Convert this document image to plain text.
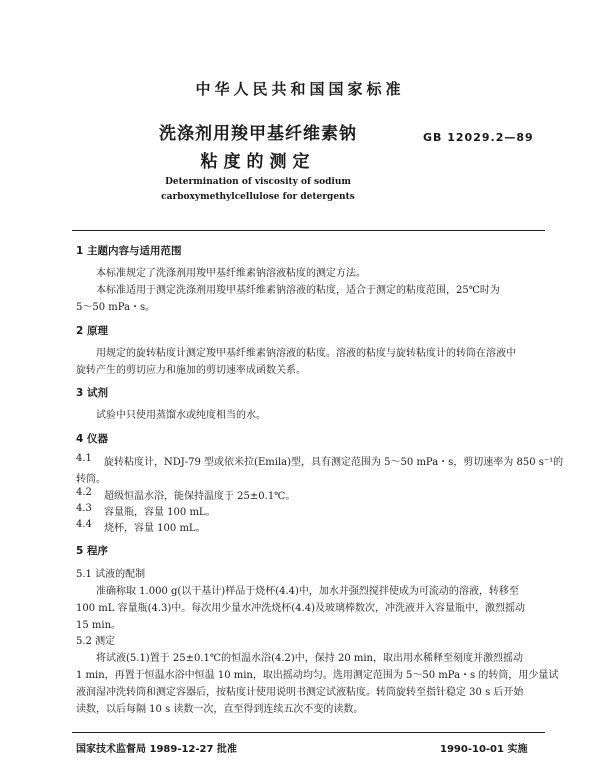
中华人民共和国国家标准
洗涤剂用羧甲基纤维素钠
粘度的测定
GB 12029.2—89
Determination of viscosity of sodium
carboxymethylcellulose for detergents
1 主题内容与适用范围
本标准规定了洗涤剂用羧甲基纤维素钠溶液粘度的测定方法。
本标准适用于测定洗涤剂用羧甲基纤维素钠溶液的粘度，适合于测定的粘度范围，25℃时为
5～50 mPa・s。
2 原理
用规定的旋转粘度计测定羧甲基纤维素钠溶液的粘度。溶液的粘度与旋转粘度计的转筒在溶液中
旋转产生的剪切应力和施加的剪切速率成函数关系。
3 试剂
试验中只使用蒸馏水或纯度相当的水。
4 仪器
4.1 旋转粘度计，NDJ-79 型或依米拉(Emila)型，具有测定范围为 5～50 mPa・s，剪切速率为 850 s⁻¹的
转筒。
4.2 超级恒温水浴，能保持温度于 25±0.1℃。
4.3 容量瓶，容量 100 mL。
4.4 烧杯，容量 100 mL。
5 程序
5.1 试液的配制
准确称取 1.000 g(以干基计)样品于烧杯(4.4)中，加水并强烈搅拌使成为可流动的溶液，转移至
100 mL 容量瓶(4.3)中。每次用少量水冲洗烧杯(4.4)及玻璃棒数次，冲洗液并入容量瓶中，激烈摇动
15 min。
5.2 测定
将试液(5.1)置于 25±0.1℃的恒温水浴(4.2)中，保持 20 min，取出用水稀释至刻度并激烈摇动
1 min，再置于恒温水浴中恒温 10 min，取出摇动均匀。选用测定范围为 5～50 mPa・s 的转筒，用少量试
液润湿冲洗转筒和测定容器后，按粘度计使用说明书测定试液粘度。转筒旋转至指针稳定 30 s 后开始
读数，以后每隔 10 s 读数一次，直至得到连续五次不变的读数。
国家技术监督局 1989-12-27 批准	1990-10-01 实施
